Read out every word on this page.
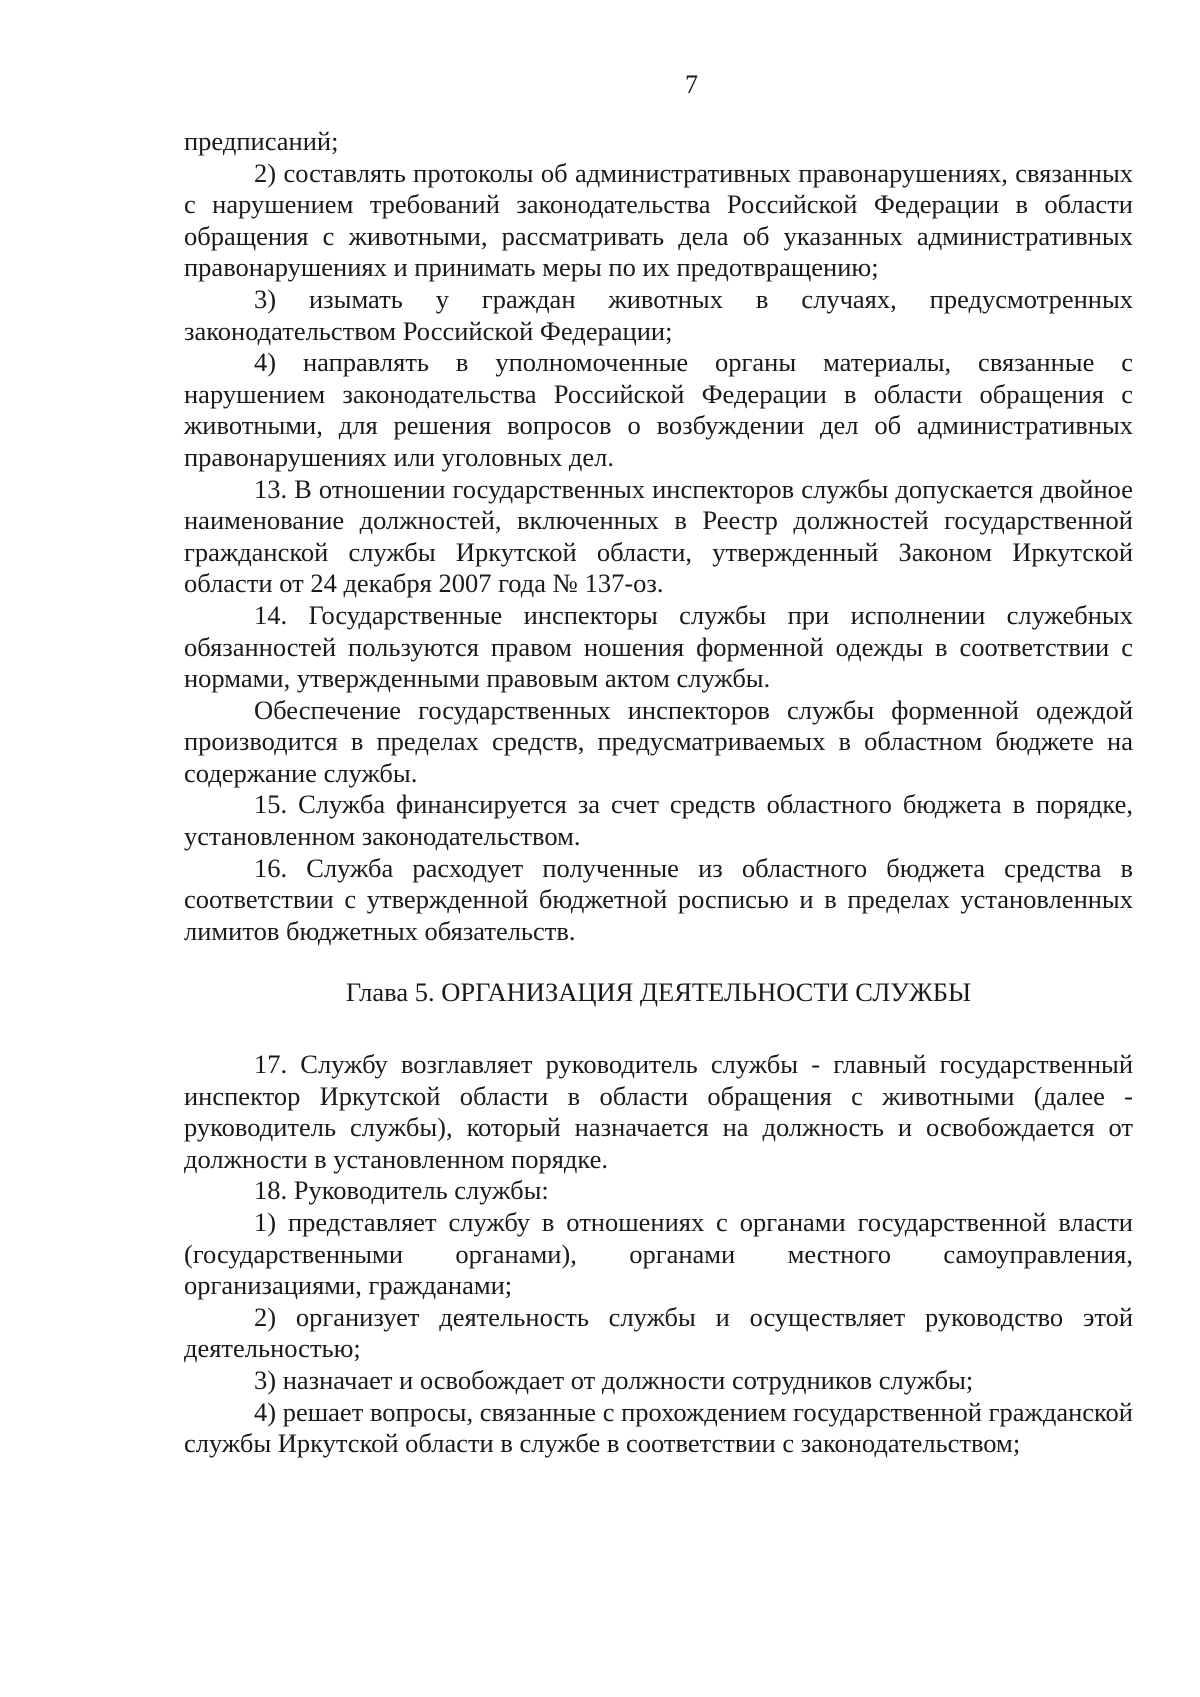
7

предписаний;

2) составлять протоколы об административных правонарушениях, связанных с нарушением требований законодательства Российской Федерации в области обращения с животными, рассматривать дела об указанных административных правонарушениях и принимать меры по их предотвращению;

3) изымать у граждан животных в случаях, предусмотренных законодательством Российской Федерации;

4) направлять в уполномоченные органы материалы, связанные с нарушением законодательства Российской Федерации в области обращения с животными, для решения вопросов о возбуждении дел об административных правонарушениях или уголовных дел.

13. В отношении государственных инспекторов службы допускается двойное наименование должностей, включенных в Реестр должностей государственной гражданской службы Иркутской области, утвержденный Законом Иркутской области от 24 декабря 2007 года № 137-оз.

14. Государственные инспекторы службы при исполнении служебных обязанностей пользуются правом ношения форменной одежды в соответствии с нормами, утвержденными правовым актом службы.

Обеспечение государственных инспекторов службы форменной одеждой производится в пределах средств, предусматриваемых в областном бюджете на содержание службы.

15. Служба финансируется за счет средств областного бюджета в порядке, установленном законодательством.

16. Служба расходует полученные из областного бюджета средства в соответствии с утвержденной бюджетной росписью и в пределах установленных лимитов бюджетных обязательств.

Глава 5. ОРГАНИЗАЦИЯ ДЕЯТЕЛЬНОСТИ СЛУЖБЫ

17. Службу возглавляет руководитель службы - главный государственный инспектор Иркутской области в области обращения с животными (далее - руководитель службы), который назначается на должность и освобождается от должности в установленном порядке.

18. Руководитель службы:

1) представляет службу в отношениях с органами государственной власти (государственными органами), органами местного самоуправления, организациями, гражданами;

2) организует деятельность службы и осуществляет руководство этой деятельностью;

3) назначает и освобождает от должности сотрудников службы;

4) решает вопросы, связанные с прохождением государственной гражданской службы Иркутской области в службе в соответствии с законодательством;
